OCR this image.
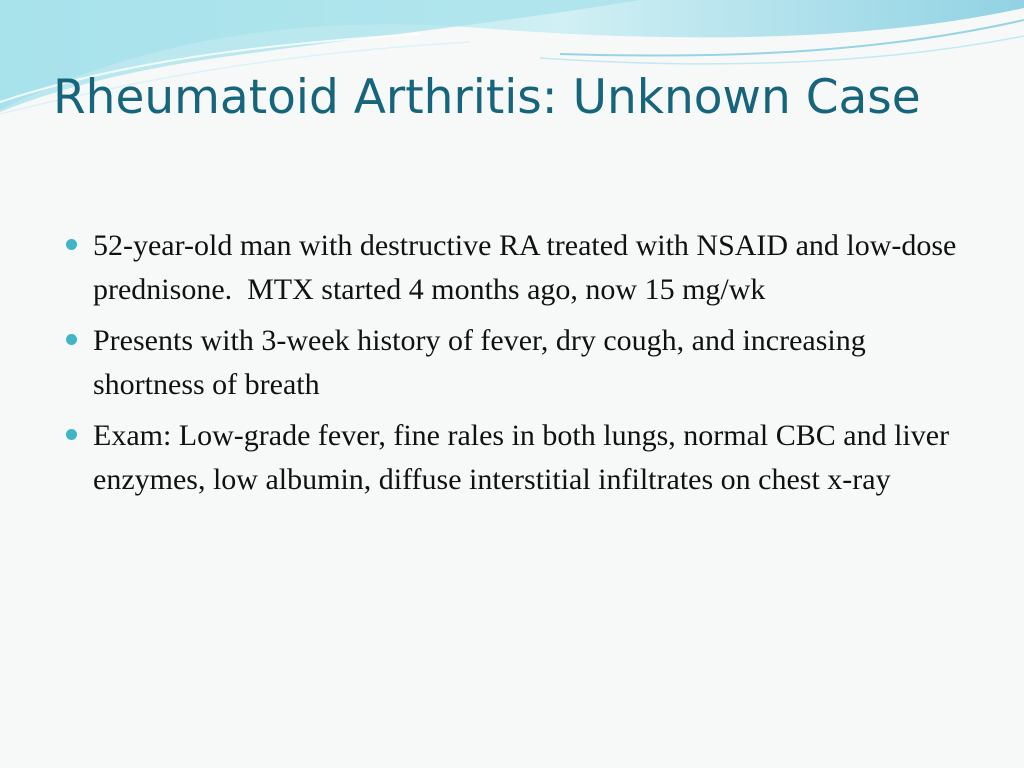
Rheumatoid Arthritis: Unknown Case
52-year-old man with destructive RA treated with NSAID and low-dose prednisone.  MTX started 4 months ago, now 15 mg/wk
Presents with 3-week history of fever, dry cough, and increasing shortness of breath
Exam: Low-grade fever, fine rales in both lungs, normal CBC and liver enzymes, low albumin, diffuse interstitial infiltrates on chest x-ray
